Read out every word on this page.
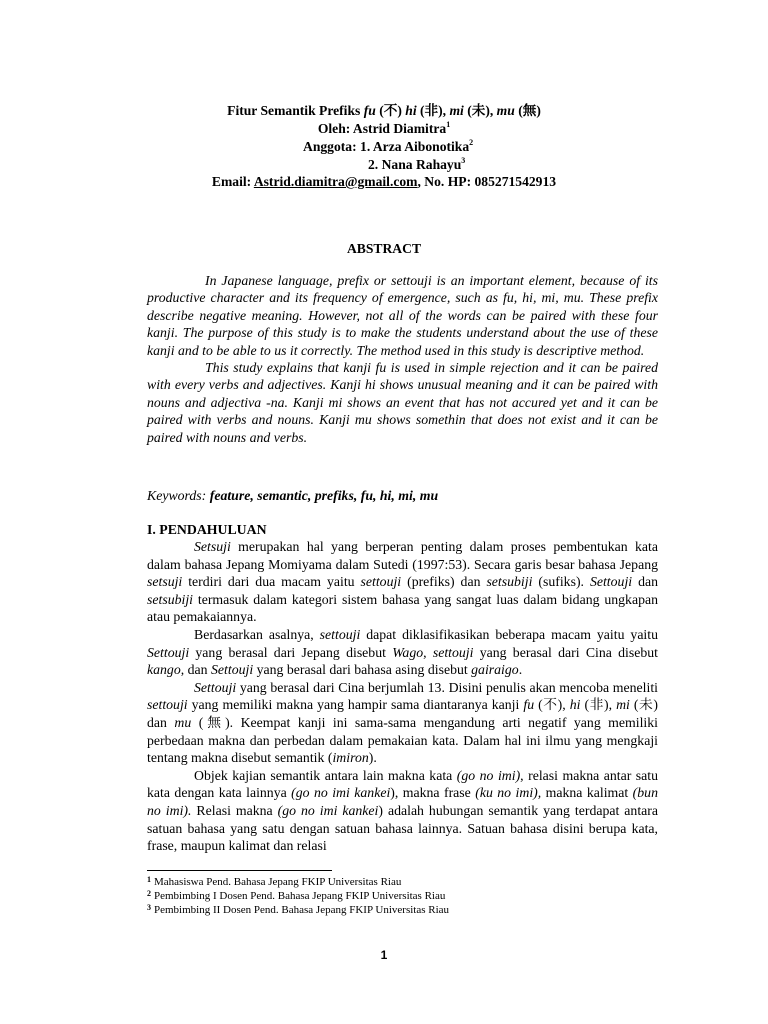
Fitur Semantik Prefiks fu (不) hi (非), mi (未), mu (無)
Oleh: Astrid Diamitra$^1$
Anggota: 1. Arza Aibonotika$^2$
2. Nana Rahayu$^3$
Email: Astrid.diamitra@gmail.com, No. HP: 085271542913
ABSTRACT

In Japanese language, prefix or settouji is an important element, because of its productive character and its frequency of emergence, such as fu, hi, mi, mu. These prefix describe negative meaning. However, not all of the words can be paired with these four kanji. The purpose of this study is to make the students understand about the use of these kanji and to be able to us it correctly. The method used in this study is descriptive method.

This study explains that kanji fu is used in simple rejection and it can be paired with every verbs and adjectives. Kanji hi shows unusual meaning and it can be paired with nouns and adjectiva -na. Kanji mi shows an event that has not accured yet and it can be paired with verbs and nouns. Kanji mu shows somethin that does not exist and it can be paired with nouns and verbs.

Keywords: feature, semantic, prefiks, fu, hi, mi, mu
I. PENDAHULUAN

Setsuji merupakan hal yang berperan penting dalam proses pembentukan kata dalam bahasa Jepang Momiyama dalam Sutedi (1997:53). Secara garis besar bahasa Jepang setsuji terdiri dari dua macam yaitu settouji (prefiks) dan setsubiji (sufiks). Settouji dan setsubiji termasuk dalam kategori sistem bahasa yang sangat luas dalam bidang ungkapan atau pemakaiannya.

Berdasarkan asalnya, settouji dapat diklasifikasikan beberapa macam yaitu yaitu Settouji yang berasal dari Jepang disebut Wago, settouji yang berasal dari Cina disebut kango, dan Settouji yang berasal dari bahasa asing disebut gairaigo.

Settouji yang berasal dari Cina berjumlah 13. Disini penulis akan mencoba meneliti settouji yang memiliki makna yang hampir sama diantaranya kanji fu (不), hi (非), mi (未) dan mu (無). Keempat kanji ini sama-sama mengandung arti negatif yang memiliki perbedaan makna dan perbedan dalam pemakaian kata. Dalam hal ini ilmu yang mengkaji tentang makna disebut semantik (imiron).

Objek kajian semantik antara lain makna kata (go no imi), relasi makna antar satu kata dengan kata lainnya (go no imi kankei), makna frase (ku no imi), makna kalimat (bun no imi). Relasi makna (go no imi kankei) adalah hubungan semantik yang terdapat antara satuan bahasa yang satu dengan satuan bahasa lainnya. Satuan bahasa disini berupa kata, frase, maupun kalimat dan relasi

$^1$ Mahasiswa Pend. Bahasa Jepang FKIP Universitas Riau
$^2$ Pembimbing I Dosen Pend. Bahasa Jepang FKIP Universitas Riau
$^3$ Pembimbing II Dosen Pend. Bahasa Jepang FKIP Universitas Riau
1
